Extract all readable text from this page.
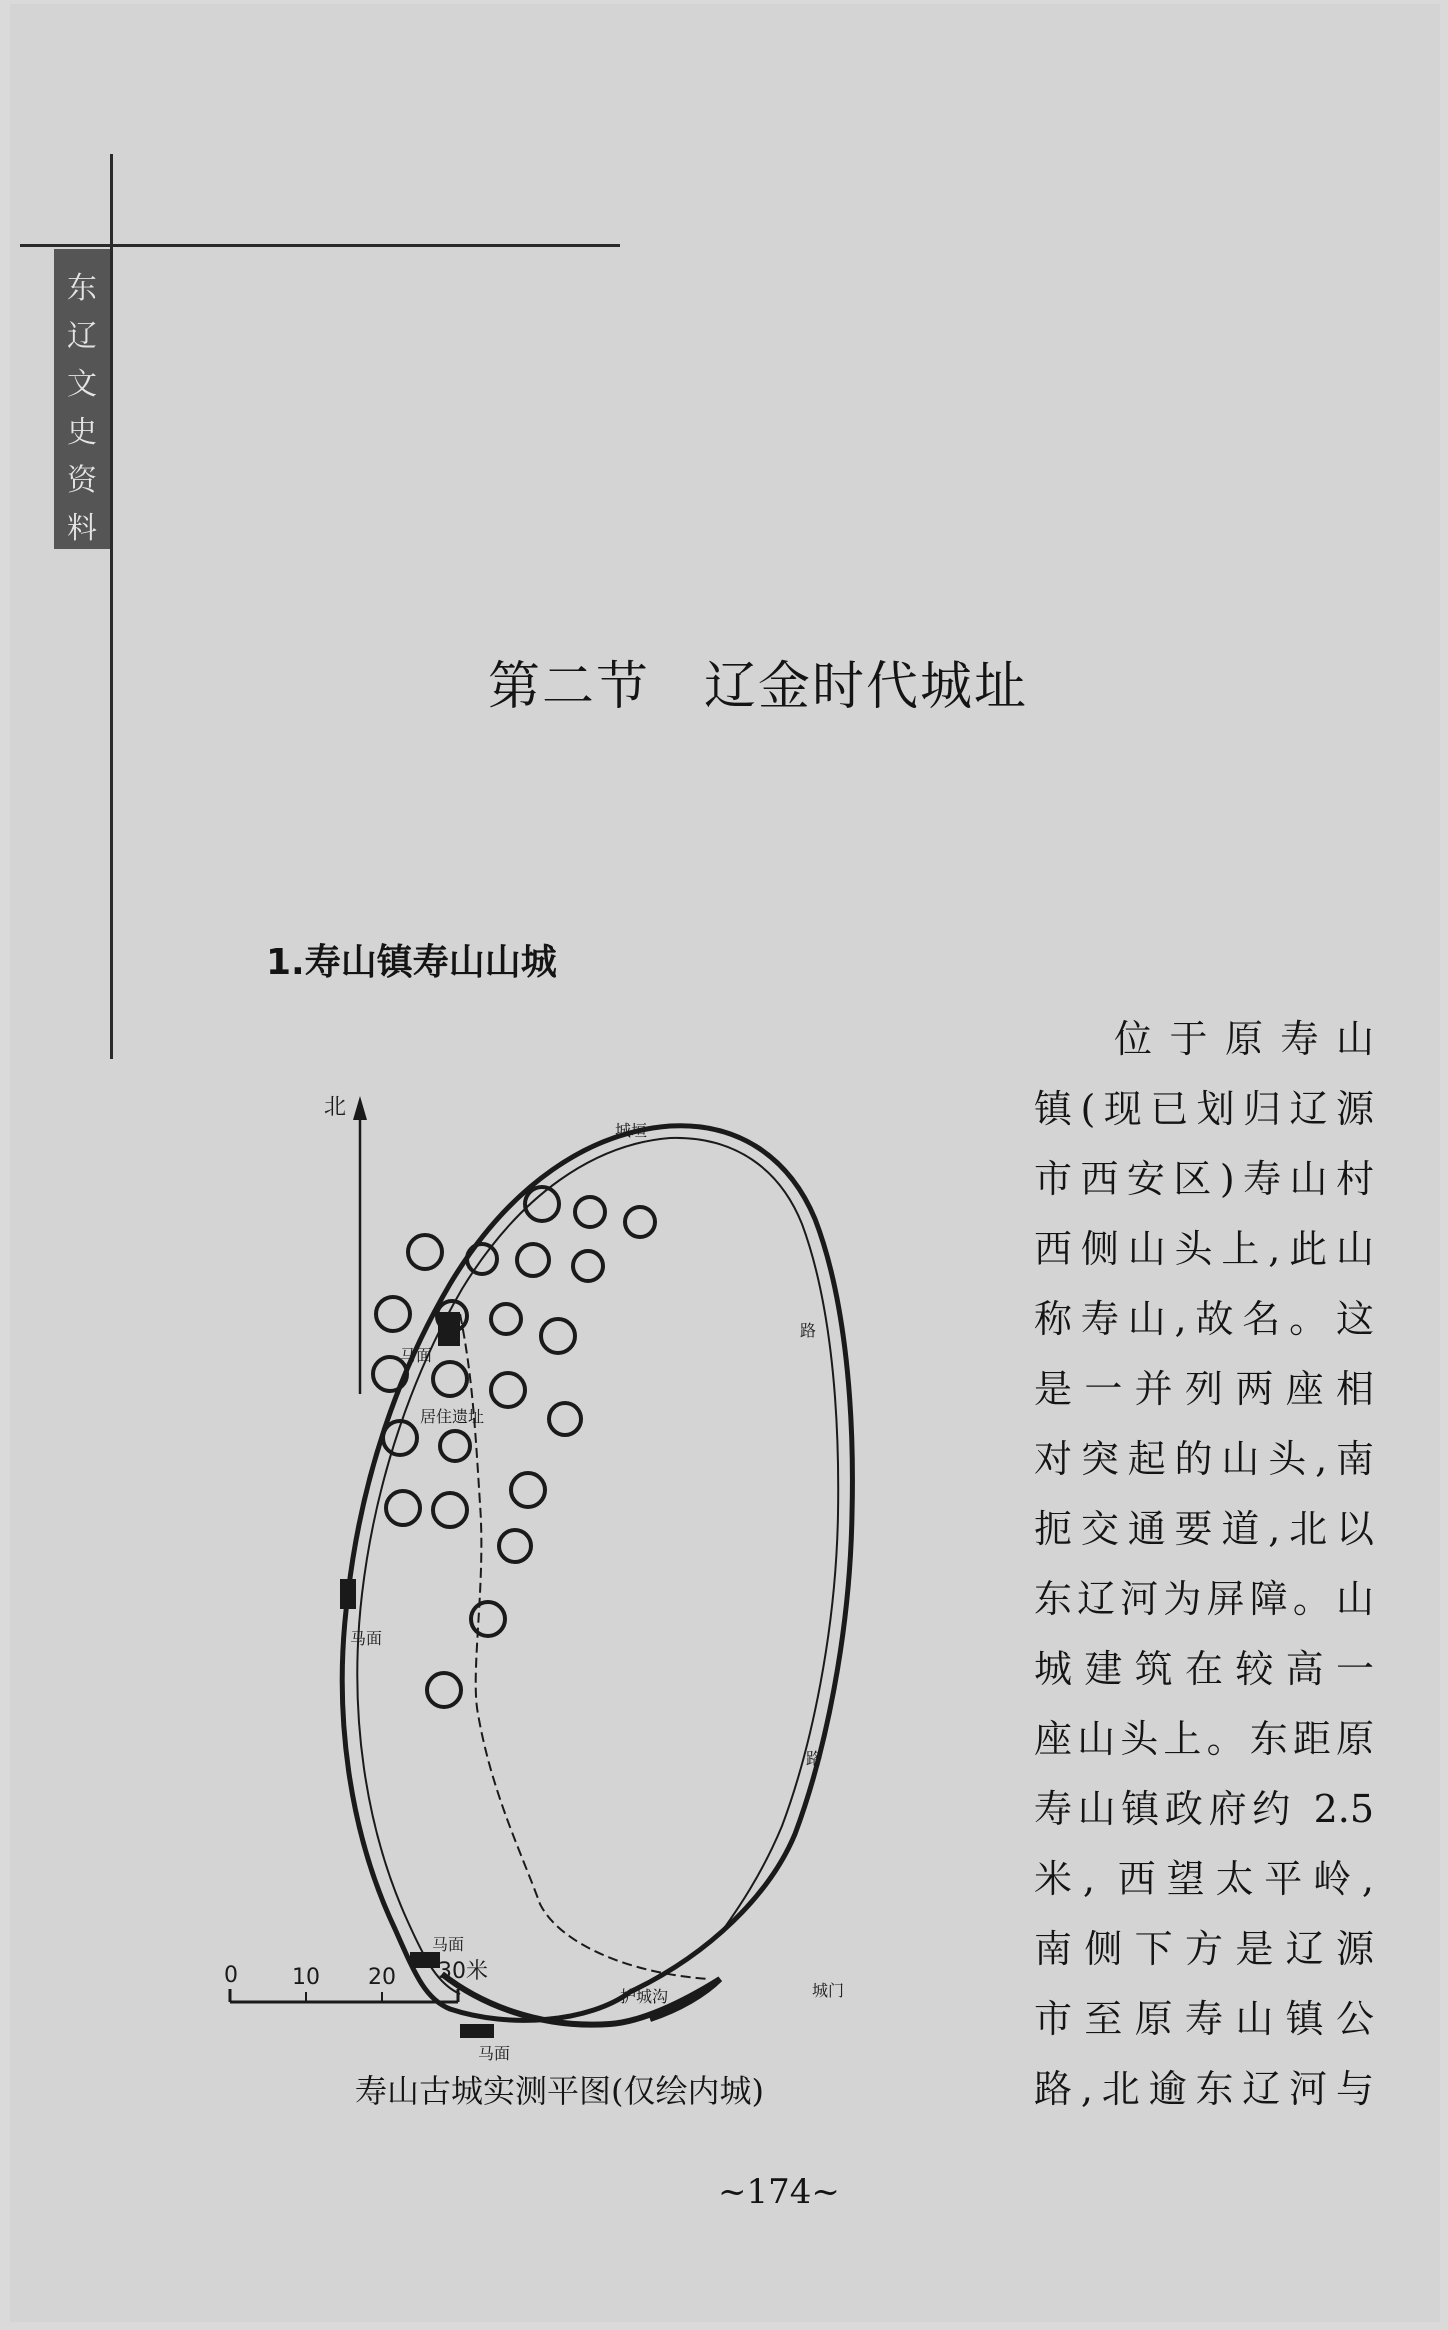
东
辽
文
史
资
料
第二节　辽金时代城址
1.寿山镇寿山山城
位于原寿山
镇(现已划归辽源
市西安区)寿山村
西侧山头上,此山
称寿山,故名。这
是一并列两座相
对突起的山头,南
扼交通要道,北以
东辽河为屏障。山
城建筑在较高一
座山头上。东距原
寿山镇政府约 2.5
米, 西望太平岭,
南侧下方是辽源
市至原寿山镇公
路,北逾东辽河与
北
城垣
马面
马面
马面
马面
居住遗址
护城沟	城门
路
路
0 10 20 30米
寿山古城实测平图(仅绘内城)
~174~
